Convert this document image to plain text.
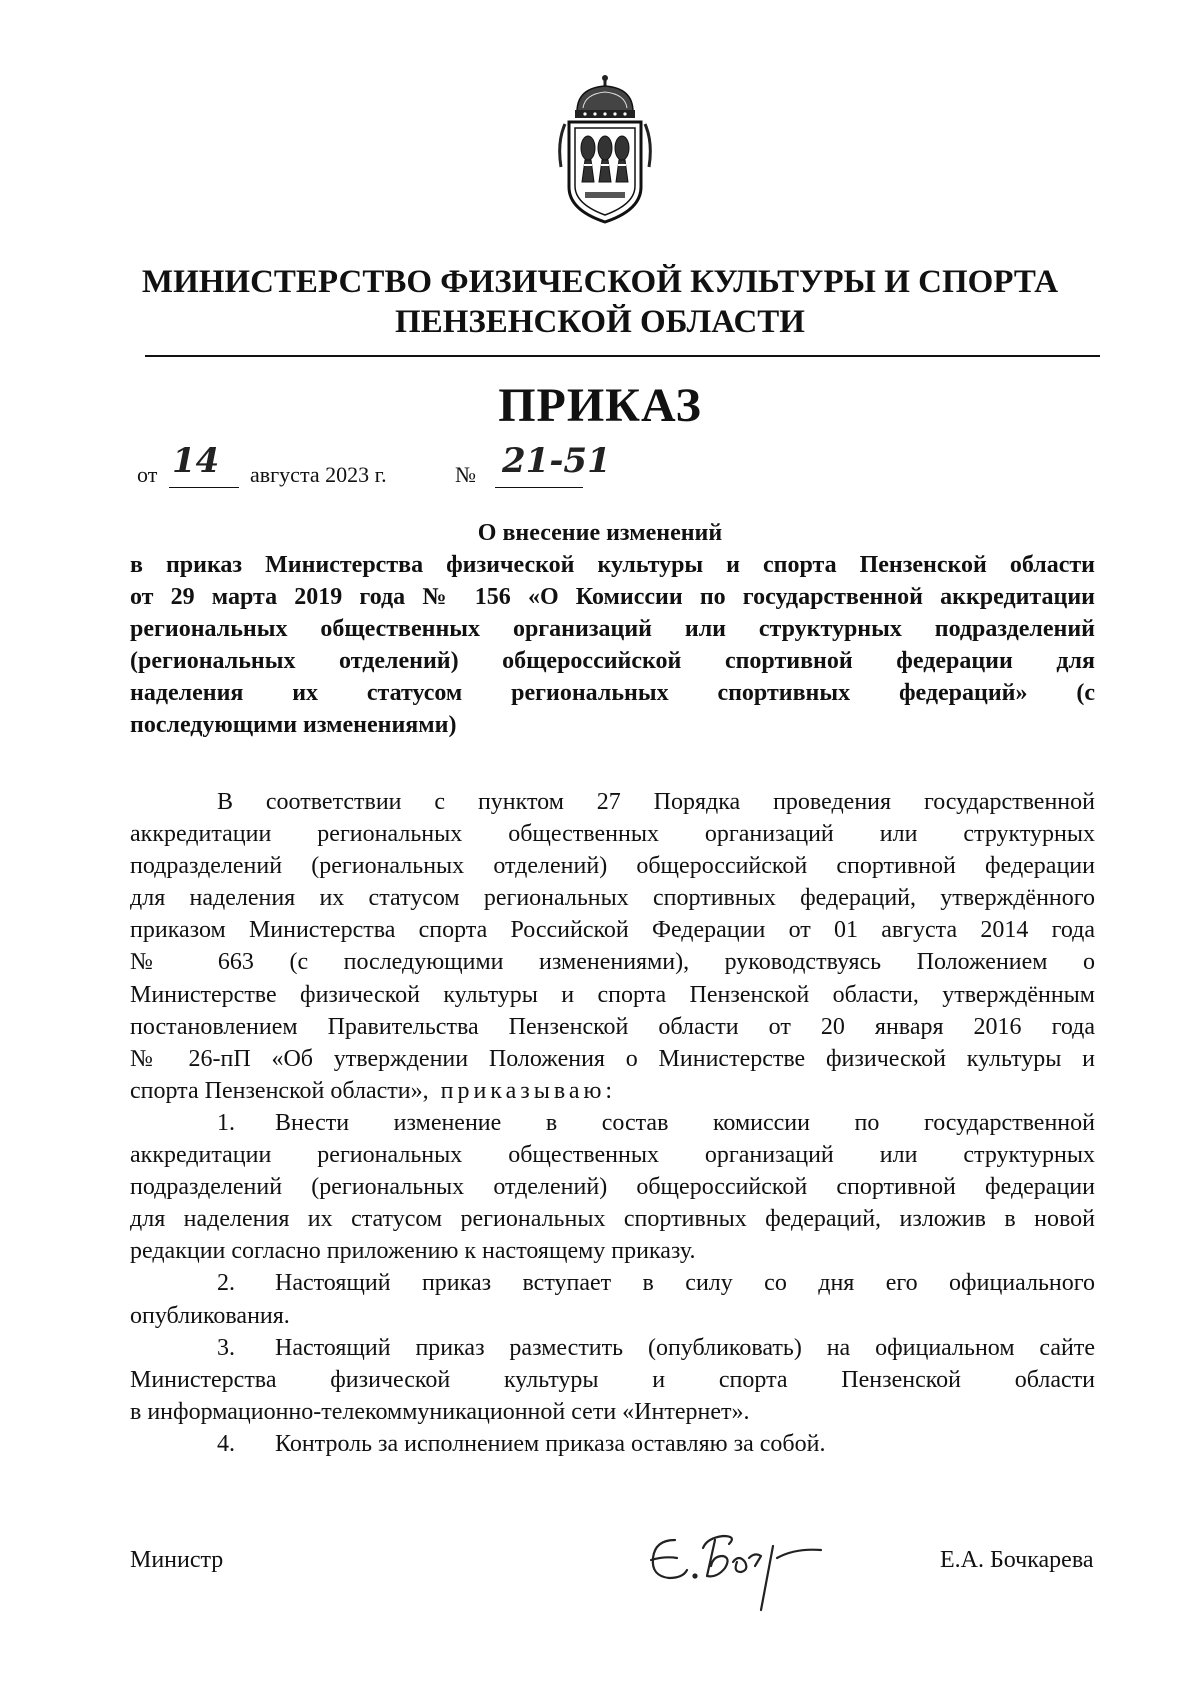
МИНИСТЕРСТВО ФИЗИЧЕСКОЙ КУЛЬТУРЫ И СПОРТА
ПЕНЗЕНСКОЙ ОБЛАСТИ
ПРИКАЗ
от 14 августа 2023 г.	№ 21-51
О внесение изменений
в приказ Министерства физической культуры и спорта Пензенской области
от 29 марта 2019 года № 156 «О Комиссии по государственной аккредитации
региональных общественных организаций или структурных подразделений
(региональных отделений) общероссийской спортивной федерации для
наделения их статусом региональных спортивных федераций» (с
последующими изменениями)
В соответствии с пунктом 27 Порядка проведения государственной
аккредитации региональных общественных организаций или структурных
подразделений (региональных отделений) общероссийской спортивной федерации
для наделения их статусом региональных спортивных федераций, утверждённого
приказом Министерства спорта Российской Федерации от 01 августа 2014 года
№ 663 (с последующими изменениями), руководствуясь Положением о
Министерстве физической культуры и спорта Пензенской области, утверждённым
постановлением Правительства Пензенской области от 20 января 2016 года
№ 26-пП «Об утверждении Положения о Министерстве физической культуры и
спорта Пензенской области», приказываю:
1. Внести изменение в состав комиссии по государственной
аккредитации региональных общественных организаций или структурных
подразделений (региональных отделений) общероссийской спортивной федерации
для наделения их статусом региональных спортивных федераций, изложив в новой
редакции согласно приложению к настоящему приказу.
2. Настоящий приказ вступает в силу со дня его официального
опубликования.
3. Настоящий приказ разместить (опубликовать) на официальном сайте
Министерства физической культуры и спорта Пензенской области
в информационно-телекоммуникационной сети «Интернет».
4. Контроль за исполнением приказа оставляю за собой.
Министр	Е.А. Бочкарева
